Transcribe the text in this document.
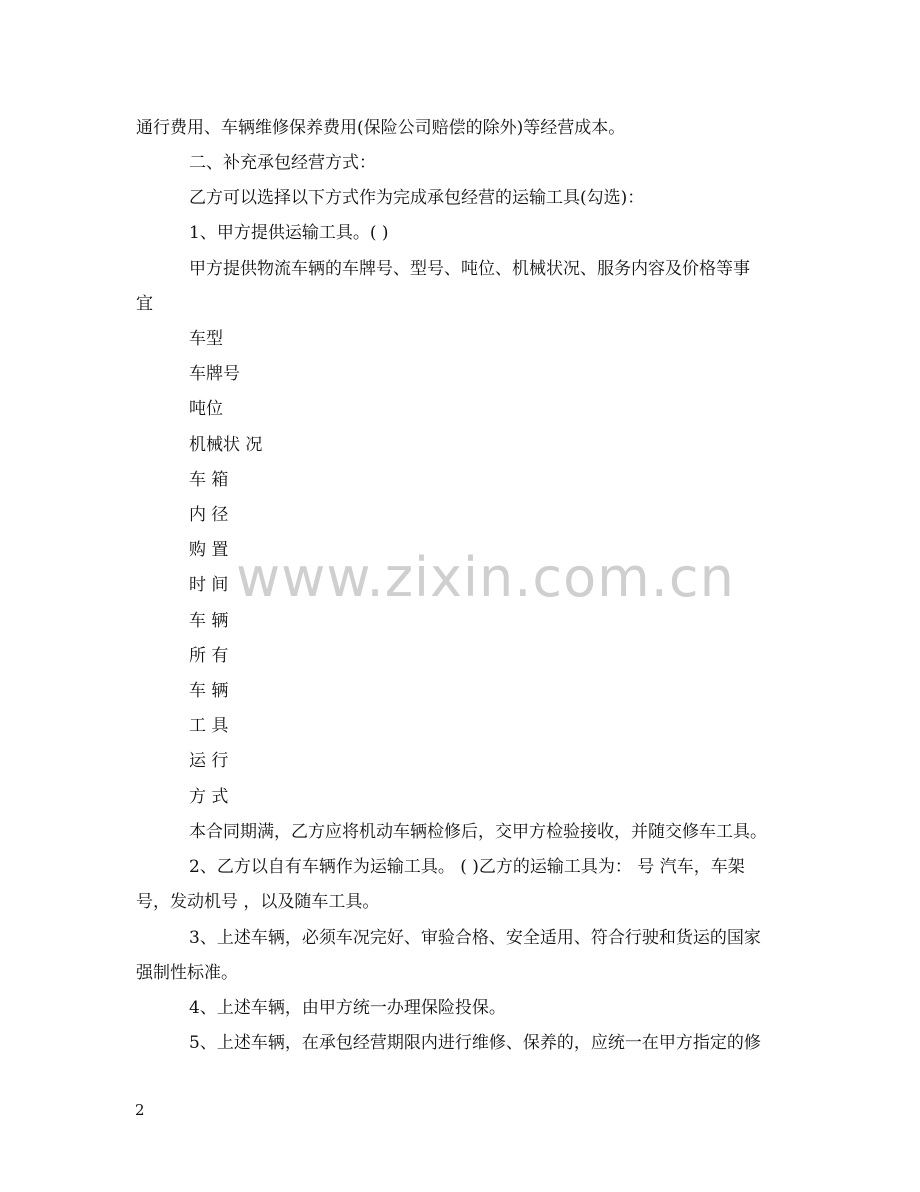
www.zixin.com.cn
通行费用、车辆维修保养费用(保险公司赔偿的除外)等经营成本。
二、补充承包经营方式：
乙方可以选择以下方式作为完成承包经营的运输工具(勾选)：
1、甲方提供运输工具。( )
甲方提供物流车辆的车牌号、型号、吨位、机械状况、服务内容及价格等事
宜
车型
车牌号
吨位
机械状 况
车 箱
内 径
购 置
时 间
车 辆
所 有
车 辆
工 具
运 行
方 式
本合同期满，乙方应将机动车辆检修后，交甲方检验接收，并随交修车工具。
2、乙方以自有车辆作为运输工具。 ( )乙方的运输工具为： 号 汽车，车架
号，发动机号 ，以及随车工具。
3、上述车辆，必须车况完好、审验合格、安全适用、符合行驶和货运的国家
强制性标准。
4、上述车辆，由甲方统一办理保险投保。
5、上述车辆，在承包经营期限内进行维修、保养的，应统一在甲方指定的修
2
